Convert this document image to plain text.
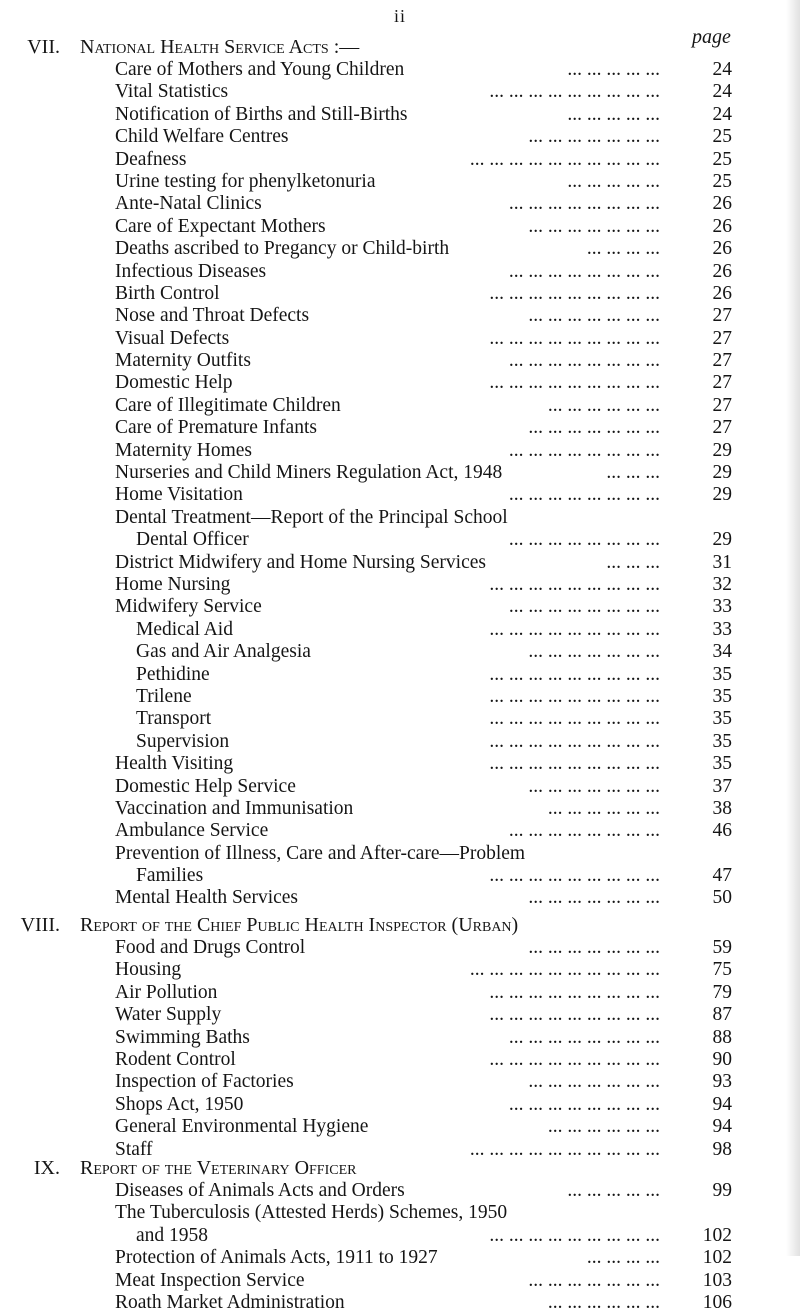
ii
page
VII. National Health Service Acts :—
Care of Mothers and Young Children	24
... ... ... ... ...
Vital Statistics	24
... ... ... ... ... ... ... ... ...
Notification of Births and Still-Births	24
... ... ... ... ...
Child Welfare Centres	25
... ... ... ... ... ... ...
Deafness	25
... ... ... ... ... ... ... ... ... ...
Urine testing for phenylketonuria	25
... ... ... ... ...
Ante-Natal Clinics	26
... ... ... ... ... ... ... ...
Care of Expectant Mothers	26
... ... ... ... ... ... ...
Deaths ascribed to Pregancy or Child-birth	26
... ... ... ...
Infectious Diseases	26
... ... ... ... ... ... ... ...
Birth Control	26
... ... ... ... ... ... ... ... ...
Nose and Throat Defects	27
... ... ... ... ... ... ...
Visual Defects	27
... ... ... ... ... ... ... ... ...
Maternity Outfits	27
... ... ... ... ... ... ... ...
Domestic Help	27
... ... ... ... ... ... ... ... ...
Care of Illegitimate Children	27
... ... ... ... ... ...
Care of Premature Infants	27
... ... ... ... ... ... ...
Maternity Homes	29
... ... ... ... ... ... ... ...
Nurseries and Child Miners Regulation Act, 1948	29
... ... ...
Home Visitation	29
... ... ... ... ... ... ... ...
Dental Treatment—Report of the Principal School
Dental Officer	29
... ... ... ... ... ... ... ...
District Midwifery and Home Nursing Services	31
... ... ...
Home Nursing	32
... ... ... ... ... ... ... ... ...
Midwifery Service	33
... ... ... ... ... ... ... ...
Medical Aid	33
... ... ... ... ... ... ... ... ...
Gas and Air Analgesia	34
... ... ... ... ... ... ...
Pethidine	35
... ... ... ... ... ... ... ... ...
Trilene	35
... ... ... ... ... ... ... ... ...
Transport	35
... ... ... ... ... ... ... ... ...
Supervision	35
... ... ... ... ... ... ... ... ...
Health Visiting	35
... ... ... ... ... ... ... ... ...
Domestic Help Service	37
... ... ... ... ... ... ...
Vaccination and Immunisation	38
... ... ... ... ... ...
Ambulance Service	46
... ... ... ... ... ... ... ...
Prevention of Illness, Care and After-care—Problem
Families	47
... ... ... ... ... ... ... ... ...
Mental Health Services	50
... ... ... ... ... ... ...
VIII. Report of the Chief Public Health Inspector (Urban)
Food and Drugs Control	59
... ... ... ... ... ... ...
Housing	75
... ... ... ... ... ... ... ... ... ...
Air Pollution	79
... ... ... ... ... ... ... ... ...
Water Supply	87
... ... ... ... ... ... ... ... ...
Swimming Baths	88
... ... ... ... ... ... ... ...
Rodent Control	90
... ... ... ... ... ... ... ... ...
Inspection of Factories	93
... ... ... ... ... ... ...
Shops Act, 1950	94
... ... ... ... ... ... ... ...
General Environmental Hygiene	94
... ... ... ... ... ...
Staff	98
... ... ... ... ... ... ... ... ... ...
IX. Report of the Veterinary Officer
Diseases of Animals Acts and Orders	99
... ... ... ... ...
The Tuberculosis (Attested Herds) Schemes, 1950
and 1958	102
... ... ... ... ... ... ... ... ...
Protection of Animals Acts, 1911 to 1927	102
... ... ... ...
Meat Inspection Service	103
... ... ... ... ... ... ...
Roath Market Administration	106
... ... ... ... ... ...
